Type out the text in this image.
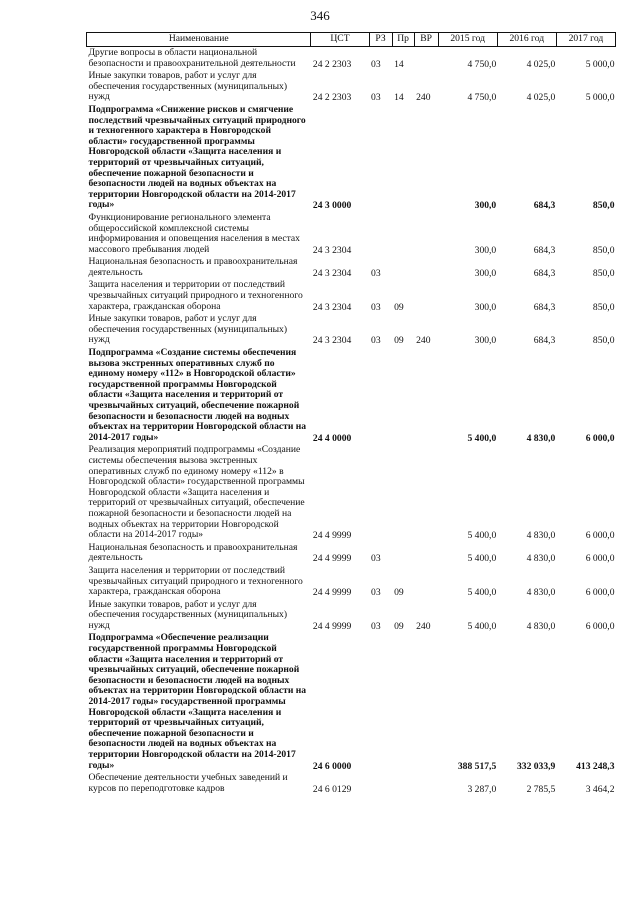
346
Наименование	ЦСТ	РЗ	Пр	ВР	2015 год	2016 год	2017 год
Другие вопросы в области национальной безопасности и правоохранительной деятельности	24 2 2303	03	14		4 750,0	4 025,0	5 000,0
Иные закупки товаров, работ и услуг для обеспечения государственных (муниципальных) нужд	24 2 2303	03	14	240	4 750,0	4 025,0	5 000,0
Подпрограмма «Снижение рисков и смягчение последствий чрезвычайных ситуаций природного и техногенного характера в Новгородской области» государственной программы Новгородской области «Защита населения и территорий от чрезвычайных ситуаций, обеспечение пожарной безопасности и безопасности людей на водных объектах на территории Новгородской области на 2014-2017 годы»	24 3 0000				300,0	684,3	850,0
Функционирование регионального элемента общероссийской комплексной системы информирования и оповещения населения в местах массового пребывания людей	24 3 2304				300,0	684,3	850,0
Национальная безопасность и правоохранительная деятельность	24 3 2304	03			300,0	684,3	850,0
Защита населения и территории от последствий чрезвычайных ситуаций природного и техногенного характера, гражданская оборона	24 3 2304	03	09		300,0	684,3	850,0
Иные закупки товаров, работ и услуг для обеспечения государственных (муниципальных) нужд	24 3 2304	03	09	240	300,0	684,3	850,0
Подпрограмма «Создание системы обеспечения вызова экстренных оперативных служб по единому номеру «112» в Новгородской области» государственной программы Новгородской области «Защита населения и территорий от чрезвычайных ситуаций, обеспечение пожарной безопасности и безопасности людей на водных объектах на территории Новгородской области на 2014-2017 годы»	24 4 0000				5 400,0	4 830,0	6 000,0
Реализация мероприятий подпрограммы «Создание системы обеспечения вызова экстренных оперативных служб по единому номеру «112» в Новгородской области» государственной программы Новгородской области «Защита населения и территорий от чрезвычайных ситуаций, обеспечение пожарной безопасности и безопасности людей на водных объектах на территории Новгородской области на 2014-2017 годы»	24 4 9999				5 400,0	4 830,0	6 000,0
Национальная безопасность и правоохранительная деятельность	24 4 9999	03			5 400,0	4 830,0	6 000,0
Защита населения и территории от последствий чрезвычайных ситуаций природного и техногенного характера, гражданская оборона	24 4 9999	03	09		5 400,0	4 830,0	6 000,0
Иные закупки товаров, работ и услуг для обеспечения государственных (муниципальных) нужд	24 4 9999	03	09	240	5 400,0	4 830,0	6 000,0
Подпрограмма «Обеспечение реализации государственной программы Новгородской области «Защита населения и территорий от чрезвычайных ситуаций, обеспечение пожарной безопасности и безопасности людей на водных объектах на территории Новгородской области на 2014-2017 годы» государственной программы Новгородской области «Защита населения и территорий от чрезвычайных ситуаций, обеспечение пожарной безопасности и безопасности людей на водных объектах на территории Новгородской области на 2014-2017 годы»	24 6 0000				388 517,5	332 033,9	413 248,3
Обеспечение деятельности учебных заведений и курсов по переподготовке кадров	24 6 0129				3 287,0	2 785,5	3 464,2
